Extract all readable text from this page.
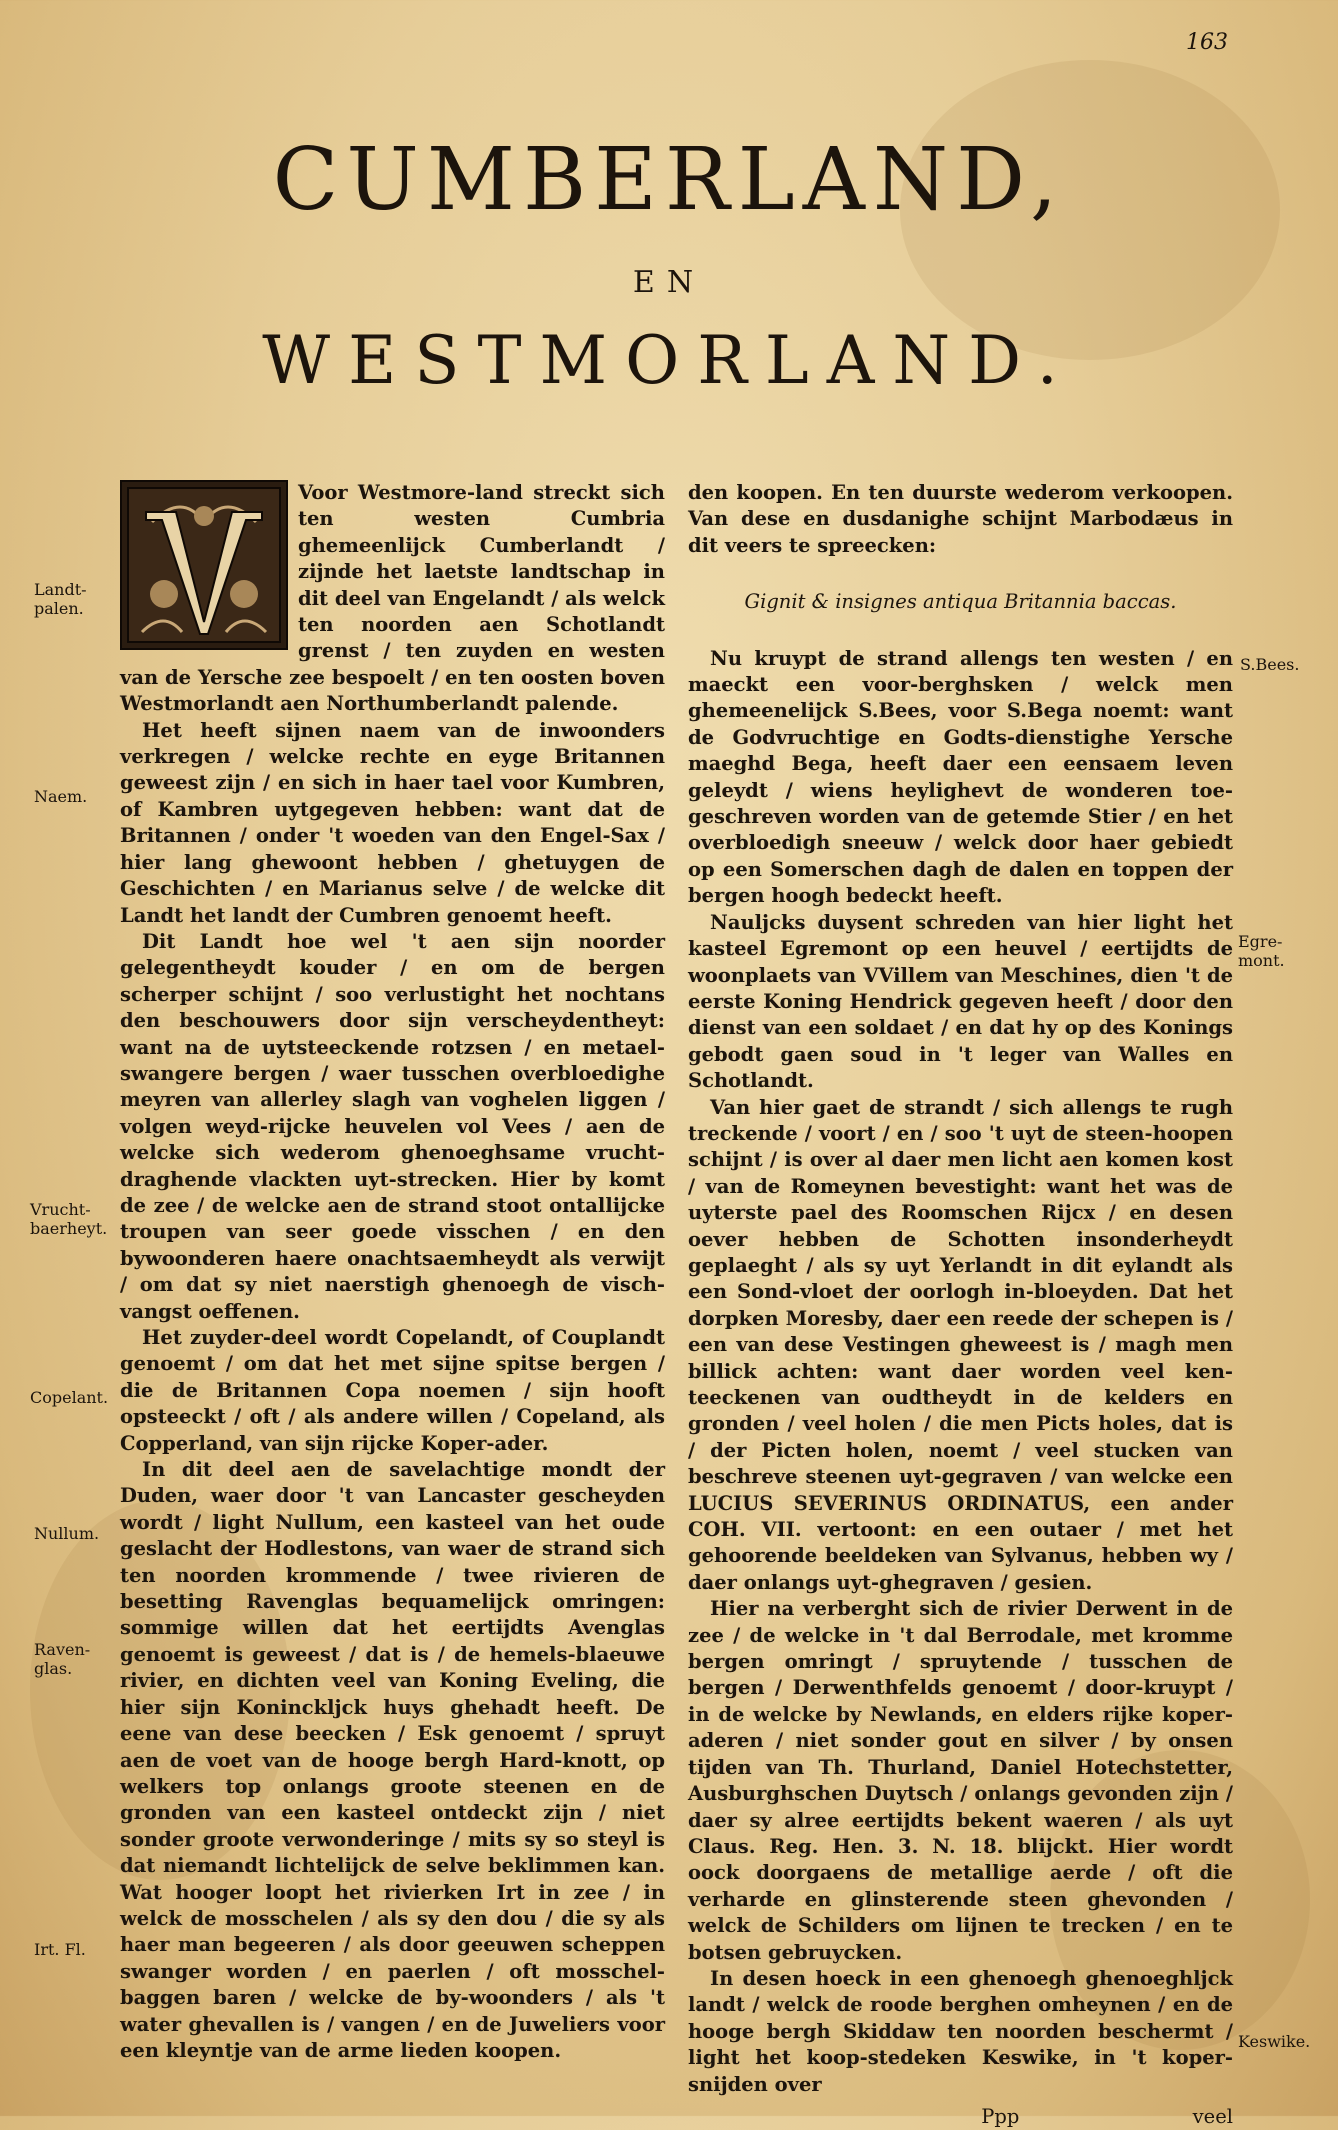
163
CUMBERLAND,
EN
WESTMORLAND.

Voor Westmore-land streckt sich ten westen Cumbria ghemeenlijck Cumberlandt / zijnde het laetste landtschap in dit deel van Engelandt / als welck ten noorden aen Schotlandt grenst / ten zuyden en westen van de Yersche zee bespoelt / en ten oosten boven Westmorlandt aen Northumberlandt palende.

Het heeft sijnen naem van de inwoonders verkregen / welcke rechte en eyge Britannen geweest zijn / en sich in haer tael voor Kumbren, of Kambren uytgegeven hebben: want dat de Britannen / onder 't woeden van den Engel-Sax / hier lang ghewoont hebben / ghetuygen de Geschichten / en Marianus selve / de welcke dit Landt het landt der Cumbren genoemt heeft.

Dit Landt hoe wel 't aen sijn noorder gelegentheydt kouder / en om de bergen scherper schijnt / soo verlustight het nochtans den beschouwers door sijn verscheydentheyt: want na de uytsteeckende rotzsen / en metael-swangere bergen / waer tusschen overbloedighe meyren van allerley slagh van voghelen liggen / volgen weyd-rijcke heuvelen vol Vees / aen de welcke sich wederom ghenoeghsame vrucht-draghende vlackten uyt-strecken. Hier by komt de zee / de welcke aen de strand stoot ontallijcke troupen van seer goede visschen / en den bywoonderen haere onachtsaemheydt als verwijt / om dat sy niet naerstigh ghenoegh de visch-vangst oeffenen.

Het zuyder-deel wordt Copelandt, of Couplandt genoemt / om dat het met sijne spitse bergen / die de Britannen Copa noemen / sijn hooft opsteeckt / oft / als andere willen / Copeland, als Copperland, van sijn rijcke Koper-ader.

In dit deel aen de savelachtige mondt der Duden, waer door 't van Lancaster gescheyden wordt / light Nullum, een kasteel van het oude geslacht der Hodlestons, van waer de strand sich ten noorden krommende / twee rivieren de besetting Ravenglas bequamelijck omringen: sommige willen dat het eertijdts Avenglas genoemt is geweest / dat is / de hemels-blaeuwe rivier, en dichten veel van Koning Eveling, die hier sijn Koninckljck huys ghehadt heeft. De eene van dese beecken / Esk genoemt / spruyt aen de voet van de hooge bergh Hard-knott, op welkers top onlangs groote steenen en de gronden van een kasteel ontdeckt zijn / niet sonder groote verwonderinge / mits sy so steyl is dat niemandt lichtelijck de selve beklimmen kan. Wat hooger loopt het rivierken Irt in zee / in welck de mosschelen / als sy den dou / die sy als haer man begeeren / als door geeuwen scheppen swanger worden / en paerlen / oft mosschel-baggen baren / welcke de by-woonders / als 't water ghevallen is / vangen / en de Juweliers voor een kleyntje van de arme lieden koopen.

den koopen. En ten duurste wederom verkoopen. Van dese en dusdanighe schijnt Marbodæus in dit veers te spreecken:

Gignit & insignes antiqua Britannia baccas.

Nu kruypt de strand allengs ten westen / en maeckt een voor-berghsken / welck men ghemeenelijck S.Bees, voor S.Bega noemt: want de Godvruchtige en Godts-dienstighe Yersche maeghd Bega, heeft daer een eensaem leven geleydt / wiens heylighevt de wonderen toe-geschreven worden van de getemde Stier / en het overbloedigh sneeuw / welck door haer gebiedt op een Somerschen dagh de dalen en toppen der bergen hoogh bedeckt heeft.

Nauljcks duysent schreden van hier light het kasteel Egremont op een heuvel / eertijdts de woonplaets van VVillem van Meschines, dien 't de eerste Koning Hendrick gegeven heeft / door den dienst van een soldaet / en dat hy op des Konings gebodt gaen soud in 't leger van Walles en Schotlandt.

Van hier gaet de strandt / sich allengs te rugh treckende / voort / en / soo 't uyt de steen-hoopen schijnt / is over al daer men licht aen komen kost / van de Romeynen bevestight: want het was de uyterste pael des Roomschen Rijcx / en desen oever hebben de Schotten insonderheydt geplaeght / als sy uyt Yerlandt in dit eylandt als een Sond-vloet der oorlogh in-bloeyden. Dat het dorpken Moresby, daer een reede der schepen is / een van dese Vestingen gheweest is / magh men billick achten: want daer worden veel ken-teeckenen van oudtheydt in de kelders en gronden / veel holen / die men Picts holes, dat is / der Picten holen, noemt / veel stucken van beschreve steenen uyt-gegraven / van welcke een LUCIUS SEVERINUS ORDINATUS, een ander COH. VII. vertoont: en een outaer / met het gehoorende beeldeken van Sylvanus, hebben wy / daer onlangs uyt-ghegraven / gesien.

Hier na verberght sich de rivier Derwent in de zee / de welcke in 't dal Berrodale, met kromme bergen omringt / spruytende / tusschen de bergen / Derwenthfelds genoemt / door-kruypt / in de welcke by Newlands, en elders rijke koper-aderen / niet sonder gout en silver / by onsen tijden van Th. Thurland, Daniel Hotechstetter, Ausburghschen Duytsch / onlangs gevonden zijn / daer sy alree eertijdts bekent waeren / als uyt Claus. Reg. Hen. 3. N. 18. blijckt. Hier wordt oock doorgaens de metallige aerde / oft die verharde en glinsterende steen ghevonden / welck de Schilders om lijnen te trecken / en te botsen gebruycken.

In desen hoeck in een ghenoegh ghenoeghljck landt / welck de roode berghen omheynen / en de hooge bergh Skiddaw ten noorden beschermt / light het koop-stedeken Keswike, in 't koper-snijden over

Ppp	veel
Landt-palen.
Naem.
Vrucht-baerheyt.
Copelant.
Nullum.
Raven-glas.
Irt. Fl.
S.Bees.
Egre-mont.
Keswike.
